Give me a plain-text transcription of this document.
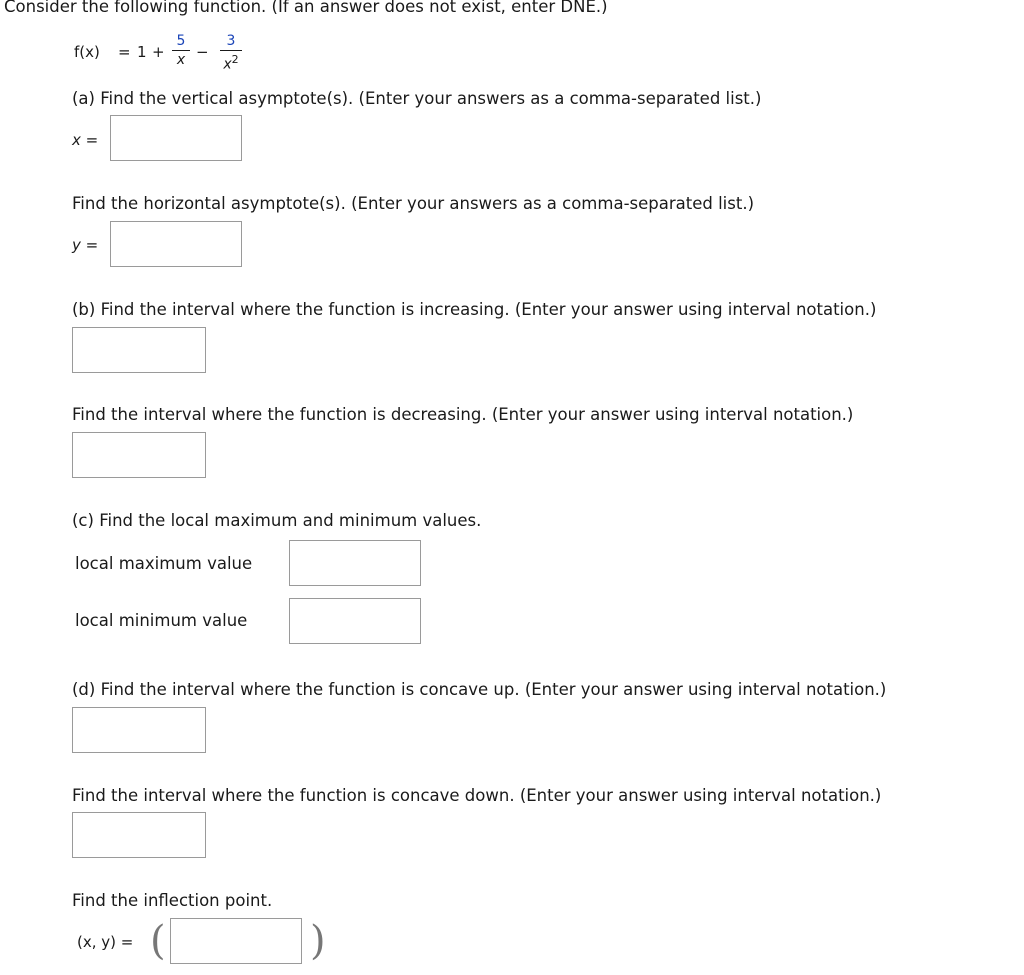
Consider the following function. (If an answer does not exist, enter DNE.)
f(x) = 1 +
5
x −
3
$x^2$
(a) Find the vertical asymptote(s). (Enter your answers as a comma-separated list.)
x =
Find the horizontal asymptote(s). (Enter your answers as a comma-separated list.)
y =
(b) Find the interval where the function is increasing. (Enter your answer using interval notation.)
Find the interval where the function is decreasing. (Enter your answer using interval notation.)
(c) Find the local maximum and minimum values.
local maximum value
local minimum value
(d) Find the interval where the function is concave up. (Enter your answer using interval notation.)
Find the interval where the function is concave down. (Enter your answer using interval notation.)
Find the inflection point.
(x, y) = (	)
